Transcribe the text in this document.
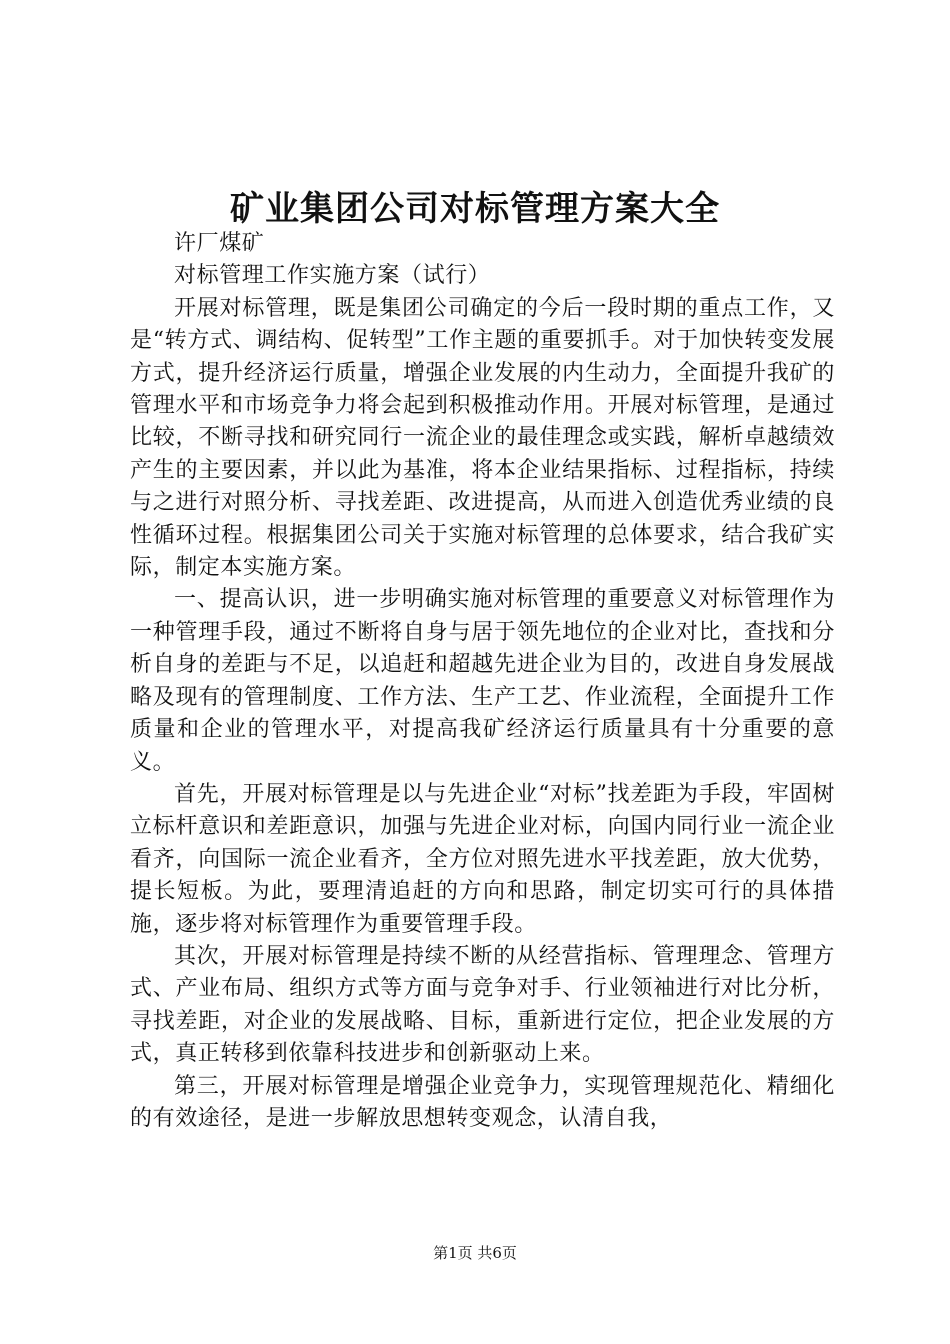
矿业集团公司对标管理方案大全

许厂煤矿

对标管理工作实施方案（试行）

开展对标管理，既是集团公司确定的今后一段时期的重点工作，又是“转方式、调结构、促转型”工作主题的重要抓手。对于加快转变发展方式，提升经济运行质量，增强企业发展的内生动力，全面提升我矿的管理水平和市场竞争力将会起到积极推动作用。开展对标管理，是通过比较，不断寻找和研究同行一流企业的最佳理念或实践，解析卓越绩效产生的主要因素，并以此为基准，将本企业结果指标、过程指标，持续与之进行对照分析、寻找差距、改进提高，从而进入创造优秀业绩的良性循环过程。根据集团公司关于实施对标管理的总体要求，结合我矿实际，制定本实施方案。

一、提高认识，进一步明确实施对标管理的重要意义对标管理作为一种管理手段，通过不断将自身与居于领先地位的企业对比，查找和分析自身的差距与不足，以追赶和超越先进企业为目的，改进自身发展战略及现有的管理制度、工作方法、生产工艺、作业流程，全面提升工作质量和企业的管理水平，对提高我矿经济运行质量具有十分重要的意义。

首先，开展对标管理是以与先进企业“对标”找差距为手段，牢固树立标杆意识和差距意识，加强与先进企业对标，向国内同行业一流企业看齐，向国际一流企业看齐，全方位对照先进水平找差距，放大优势，提长短板。为此，要理清追赶的方向和思路，制定切实可行的具体措施，逐步将对标管理作为重要管理手段。

其次，开展对标管理是持续不断的从经营指标、管理理念、管理方式、产业布局、组织方式等方面与竞争对手、行业领袖进行对比分析，寻找差距，对企业的发展战略、目标，重新进行定位，把企业发展的方式，真正转移到依靠科技进步和创新驱动上来。

第三，开展对标管理是增强企业竞争力，实现管理规范化、精细化的有效途径，是进一步解放思想转变观念，认清自我，

第1页 共6页
